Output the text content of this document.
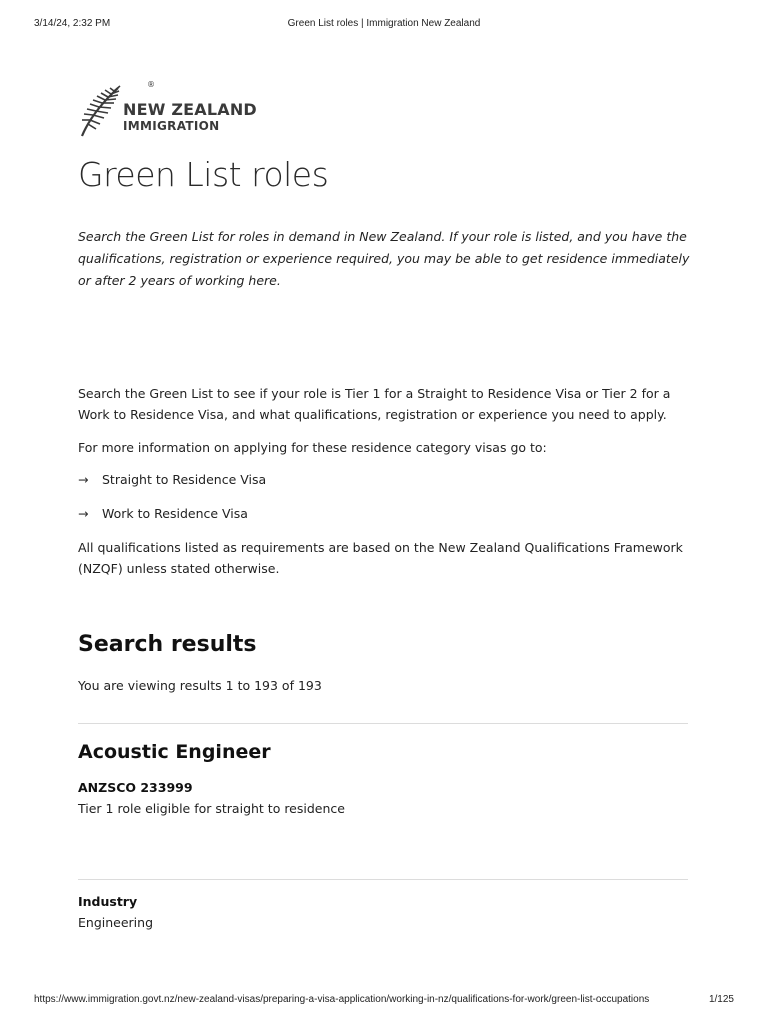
3/14/24, 2:32 PM	Green List roles | Immigration New Zealand
®
NEW ZEALAND
IMMIGRATION
Green List roles

Search the Green List for roles in demand in New Zealand. If your role is listed, and you have the qualifications, registration or experience required, you may be able to get residence immediately or after 2 years of working here.

Search the Green List to see if your role is Tier 1 for a Straight to Residence Visa or Tier 2 for a Work to Residence Visa, and what qualifications, registration or experience you need to apply.

For more information on applying for these residence category visas go to:

→ Straight to Residence Visa
→ Work to Residence Visa

All qualifications listed as requirements are based on the New Zealand Qualifications Framework (NZQF) unless stated otherwise.

Search results
You are viewing results 1 to 193 of 193
Acoustic Engineer
ANZSCO 233999
Tier 1 role eligible for straight to residence
Industry
Engineering
https://www.immigration.govt.nz/new-zealand-visas/preparing-a-visa-application/working-in-nz/qualifications-for-work/green-list-occupations	1/125
